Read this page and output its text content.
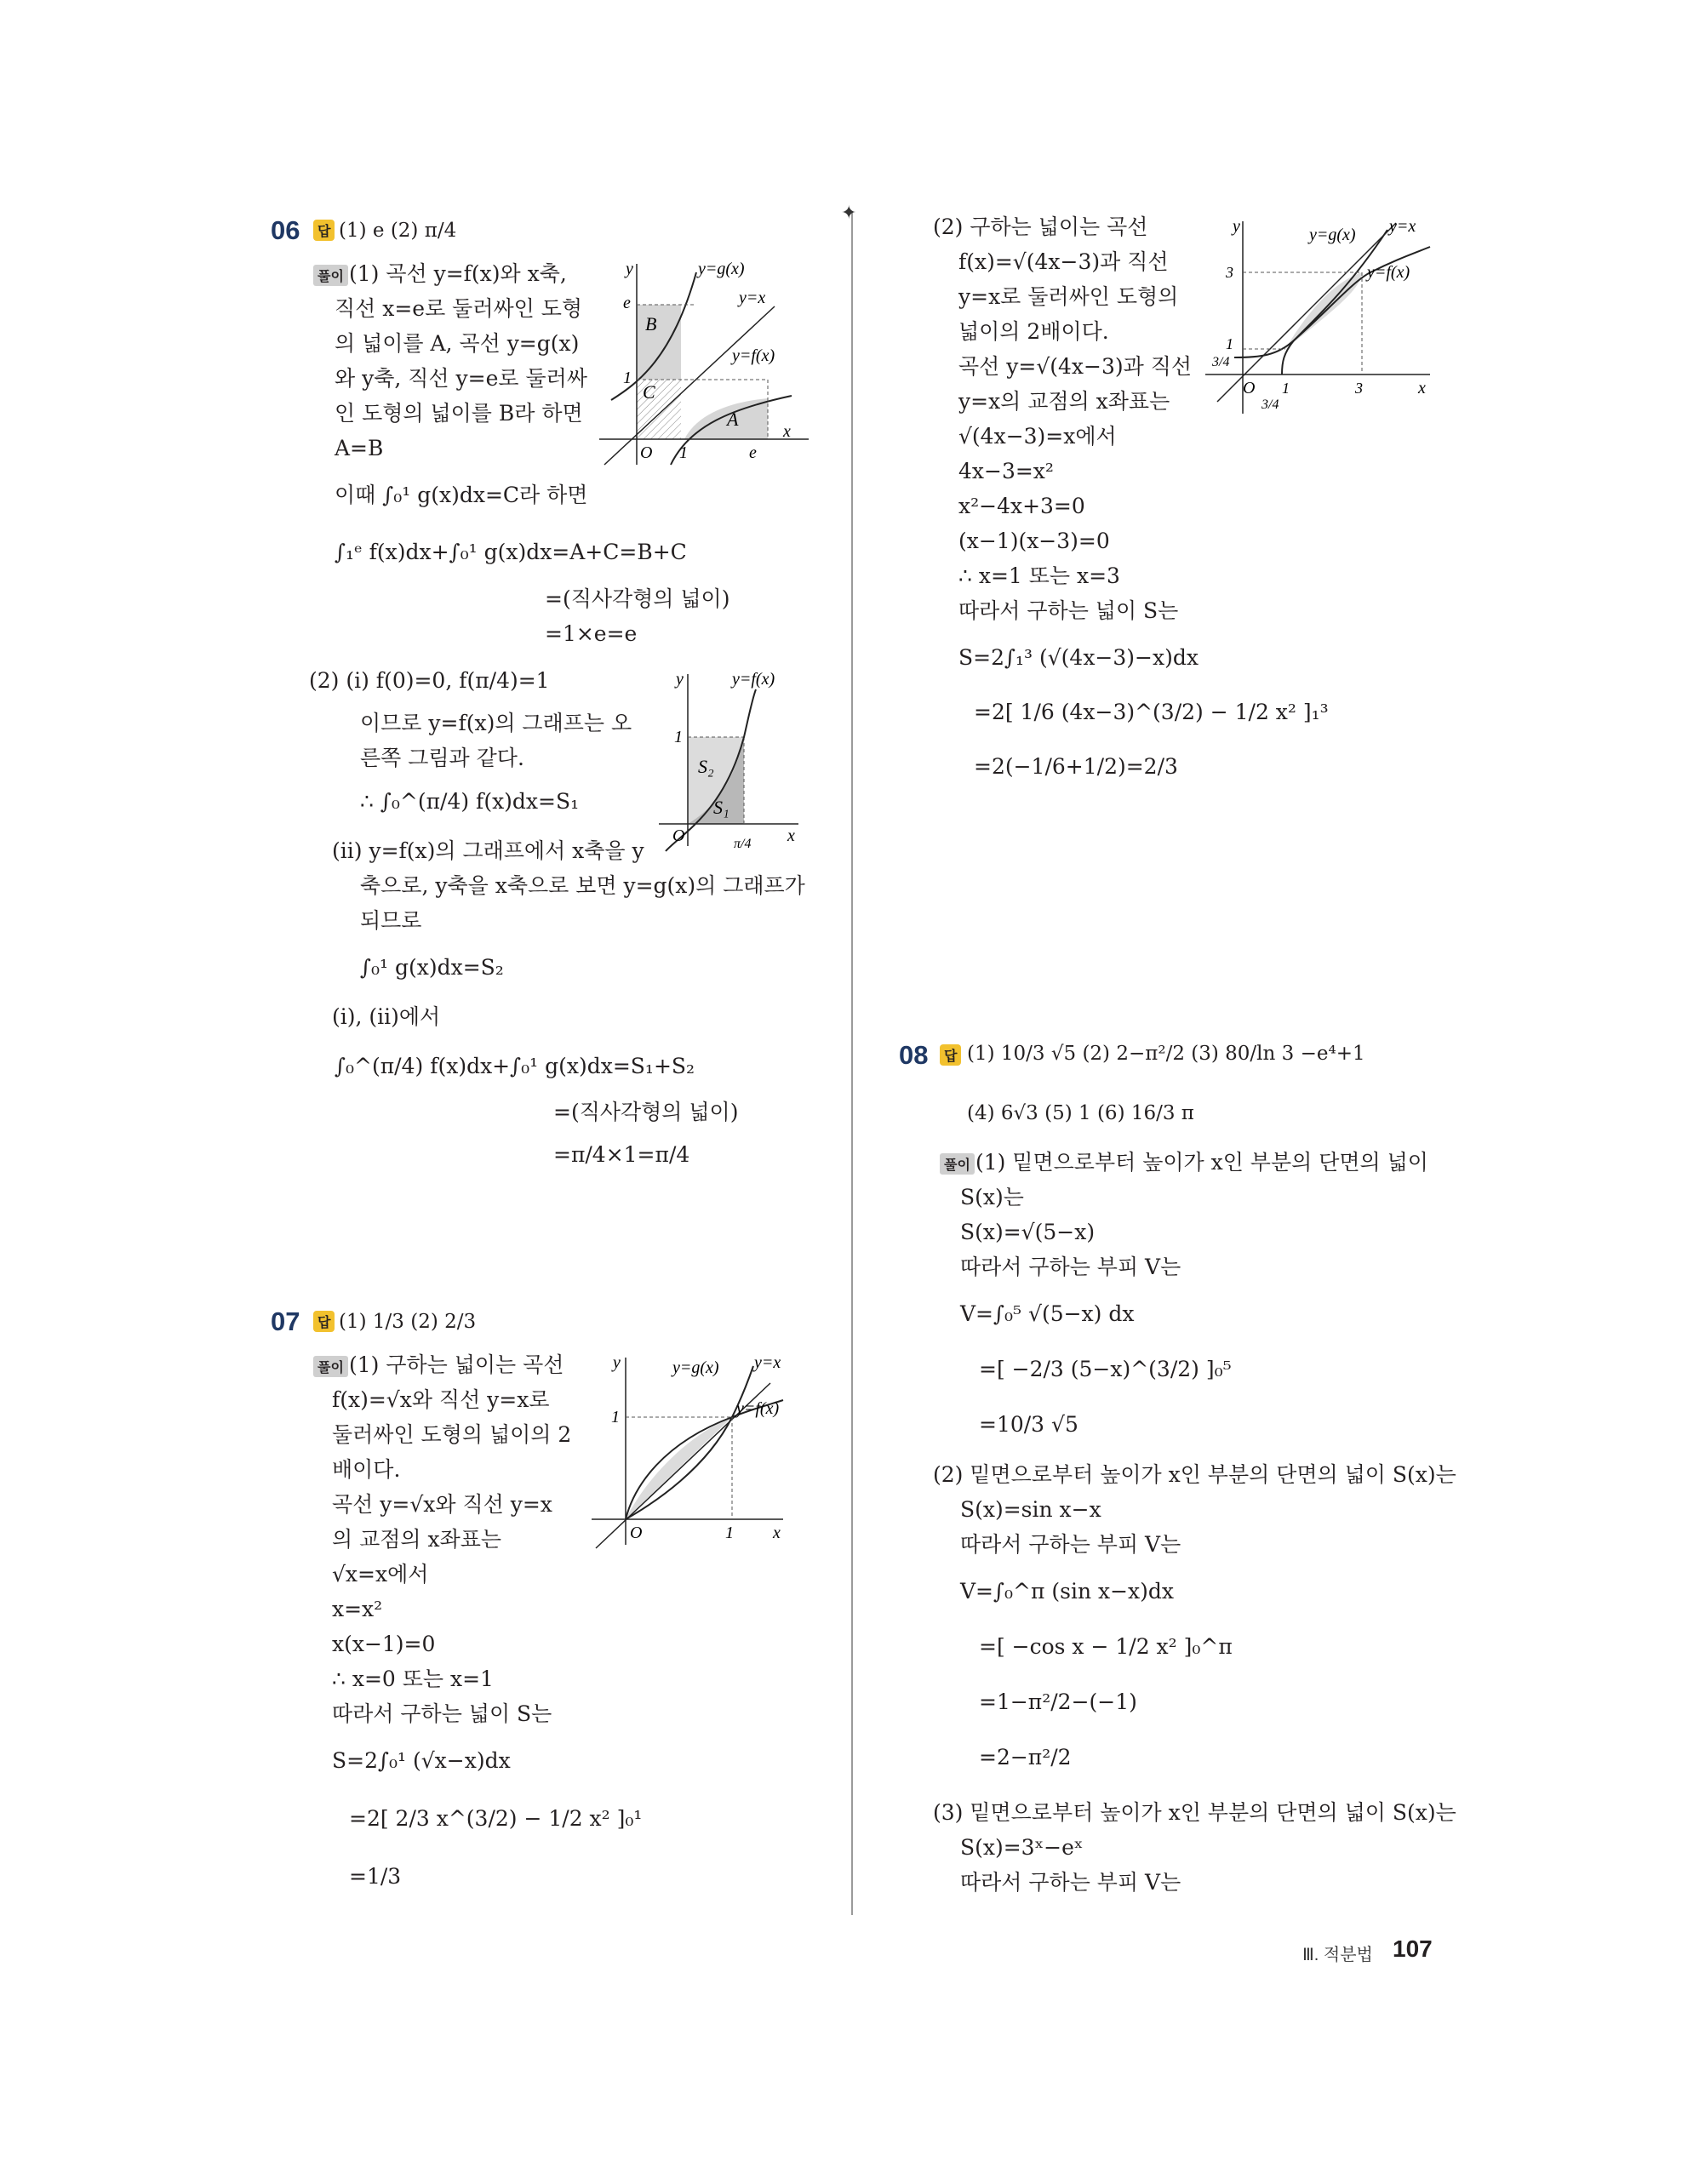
✦
06	답 (1) e (2) π/4
풀이 (1) 곡선 y=f(x)와 x축,
직선 x=e로 둘러싸인 도형
의 넓이를 A, 곡선 y=g(x)
와 y축, 직선 y=e로 둘러싸
인 도형의 넓이를 B라 하면
A=B
이때 ∫₀¹ g(x)dx=C라 하면
∫₁ᵉ f(x)dx+∫₀¹ g(x)dx=A+C=B+C
=(직사각형의 넓이)
=1×e=e
(2) (i) f(0)=0, f(π/4)=1
이므로 y=f(x)의 그래프는 오
른쪽 그림과 같다.
∴ ∫₀^(π/4) f(x)dx=S₁
(ii) y=f(x)의 그래프에서 x축을 y
축으로, y축을 x축으로 보면 y=g(x)의 그래프가
되므로
∫₀¹ g(x)dx=S₂
(i), (ii)에서
∫₀^(π/4) f(x)dx+∫₀¹ g(x)dx=S₁+S₂
=(직사각형의 넓이)
=π/4×1=π/4
y
x
O 1	e
1
e
A
B
C
y=g(x)
y=x
y=f(x)
y
x
O
1
π/4
S₂
S₁
y=f(x)
07	답 (1) 1/3 (2) 2/3
풀이 (1) 구하는 넓이는 곡선
f(x)=√x와 직선 y=x로
둘러싸인 도형의 넓이의 2
배이다.
곡선 y=√x와 직선 y=x
의 교점의 x좌표는
√x=x에서
x=x²
x(x−1)=0
∴ x=0 또는 x=1
따라서 구하는 넓이 S는
S=2∫₀¹ (√x−x)dx
=2[ 2/3 x^(3/2) − 1/2 x² ]₀¹
=1/3
y
x
O
1
1
y=g(x) y=x
y=f(x)
(2) 구하는 넓이는 곡선
f(x)=√(4x−3)과 직선
y=x로 둘러싸인 도형의
넓이의 2배이다.
곡선 y=√(4x−3)과 직선
y=x의 교점의 x좌표는
√(4x−3)=x에서
4x−3=x²
x²−4x+3=0
(x−1)(x−3)=0
∴ x=1 또는 x=3
따라서 구하는 넓이 S는
S=2∫₁³ (√(4x−3)−x)dx
=2[ 1/6 (4x−3)^(3/2) − 1/2 x² ]₁³
=2(−1/6+1/2)=2/3
y
x
O
3
1
3/4
3/4
1	3
y=g(x) y=x
y=f(x)
08	답 (1) 10/3 √5 (2) 2−π²/2 (3) 80/ln 3 −e⁴+1
(4) 6√3 (5) 1 (6) 16/3 π
풀이 (1) 밑면으로부터 높이가 x인 부분의 단면의 넓이
S(x)는
S(x)=√(5−x)
따라서 구하는 부피 V는
V=∫₀⁵ √(5−x) dx
=[ −2/3 (5−x)^(3/2) ]₀⁵
=10/3 √5
(2) 밑면으로부터 높이가 x인 부분의 단면의 넓이 S(x)는
S(x)=sin x−x
따라서 구하는 부피 V는
V=∫₀^π (sin x−x)dx
=[ −cos x − 1/2 x² ]₀^π
=1−π²/2−(−1)
=2−π²/2
(3) 밑면으로부터 높이가 x인 부분의 단면의 넓이 S(x)는
S(x)=3ˣ−eˣ
따라서 구하는 부피 V는
Ⅲ. 적분법 107
